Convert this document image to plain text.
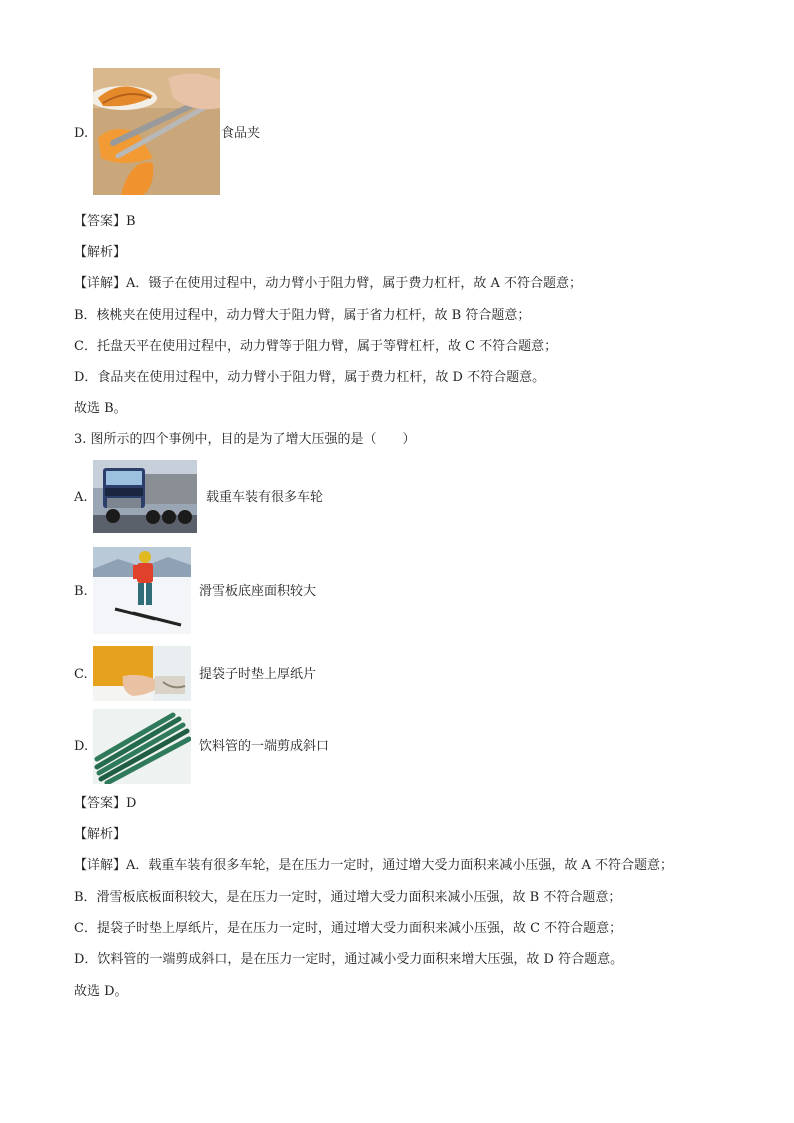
D.	食品夹
【答案】B
【解析】
【详解】A．镊子在使用过程中，动力臂小于阻力臂，属于费力杠杆，故 A 不符合题意；
B．核桃夹在使用过程中，动力臂大于阻力臂，属于省力杠杆，故 B 符合题意；
C．托盘天平在使用过程中，动力臂等于阻力臂，属于等臂杠杆，故 C 不符合题意；
D．食品夹在使用过程中，动力臂小于阻力臂，属于费力杠杆，故 D 不符合题意。
故选 B。
3. 图所示的四个事例中，目的是为了增大压强的是（　　）
A.	载重车装有很多车轮
B.	滑雪板底座面积较大
C.	提袋子时垫上厚纸片
D.	饮料管的一端剪成斜口
【答案】D
【解析】
【详解】A．载重车装有很多车轮，是在压力一定时，通过增大受力面积来减小压强，故 A 不符合题意；
B．滑雪板底板面积较大，是在压力一定时，通过增大受力面积来减小压强，故 B 不符合题意；
C．提袋子时垫上厚纸片，是在压力一定时，通过增大受力面积来减小压强，故 C 不符合题意；
D．饮料管的一端剪成斜口，是在压力一定时，通过减小受力面积来增大压强，故 D 符合题意。
故选 D。
